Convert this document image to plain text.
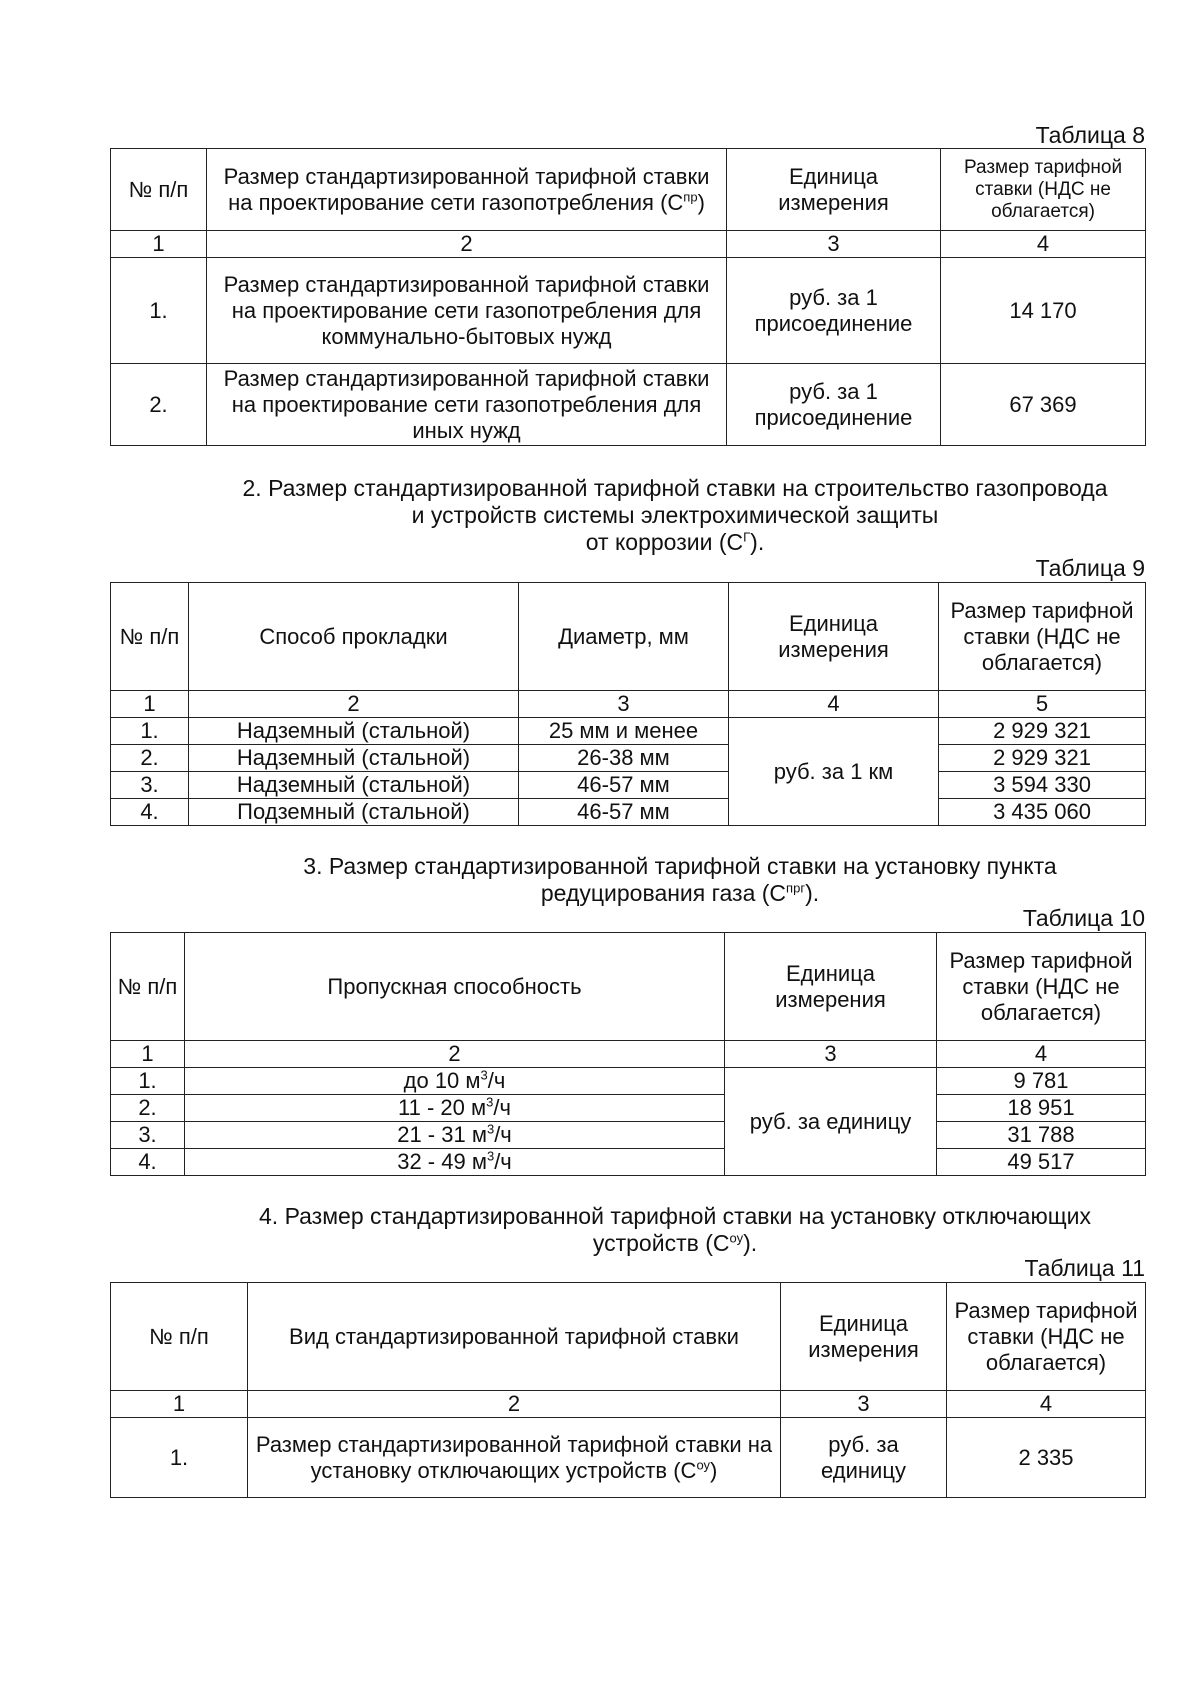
Таблица 8
№ п/п	Размер стандартизированной тарифной ставки на проектирование сети газопотребления $(С^{пр})$	Единица измерения	Размер тарифной ставки (НДС не облагается)
1	2	3	4
1.	Размер стандартизированной тарифной ставки на проектирование сети газопотребления для коммунально-бытовых нужд	руб. за 1 присоединение	14 170
2.	Размер стандартизированной тарифной ставки на проектирование сети газопотребления для иных нужд	руб. за 1 присоединение	67 369
2. Размер стандартизированной тарифной ставки на строительство газопровода
и устройств системы электрохимической защиты
от коррозии $(С^Г)$.
Таблица 9
№ п/п	Способ прокладки	Диаметр, мм	Единица измерения	Размер тарифной ставки (НДС не облагается)
1	2	3	4	5
1.	Надземный (стальной)	25 мм и менее	руб. за 1 км	2 929 321
2.	Надземный (стальной)	26-38 мм		2 929 321
3.	Надземный (стальной)	46-57 мм		3 594 330
4.	Подземный (стальной)	46-57 мм		3 435 060
3. Размер стандартизированной тарифной ставки на установку пункта
редуцирования газа $(С^{прг})$.
Таблица 10
№ п/п	Пропускная способность	Единица измерения	Размер тарифной ставки (НДС не облагается)
1	2	3	4
1.	до 10 $м^3/ч$	руб. за единицу	9 781
2.	11 - 20 $м^3/ч$		18 951
3.	21 - 31 $м^3/ч$		31 788
4.	32 - 49 $м^3/ч$		49 517
4. Размер стандартизированной тарифной ставки на установку отключающих
устройств $(С^{оу})$.
Таблица 11
№ п/п	Вид стандартизированной тарифной ставки	Единица измерения	Размер тарифной ставки (НДС не облагается)
1	2	3	4
1.	Размер стандартизированной тарифной ставки на установку отключающих устройств $(С^{оу})$	руб. за единицу	2 335
